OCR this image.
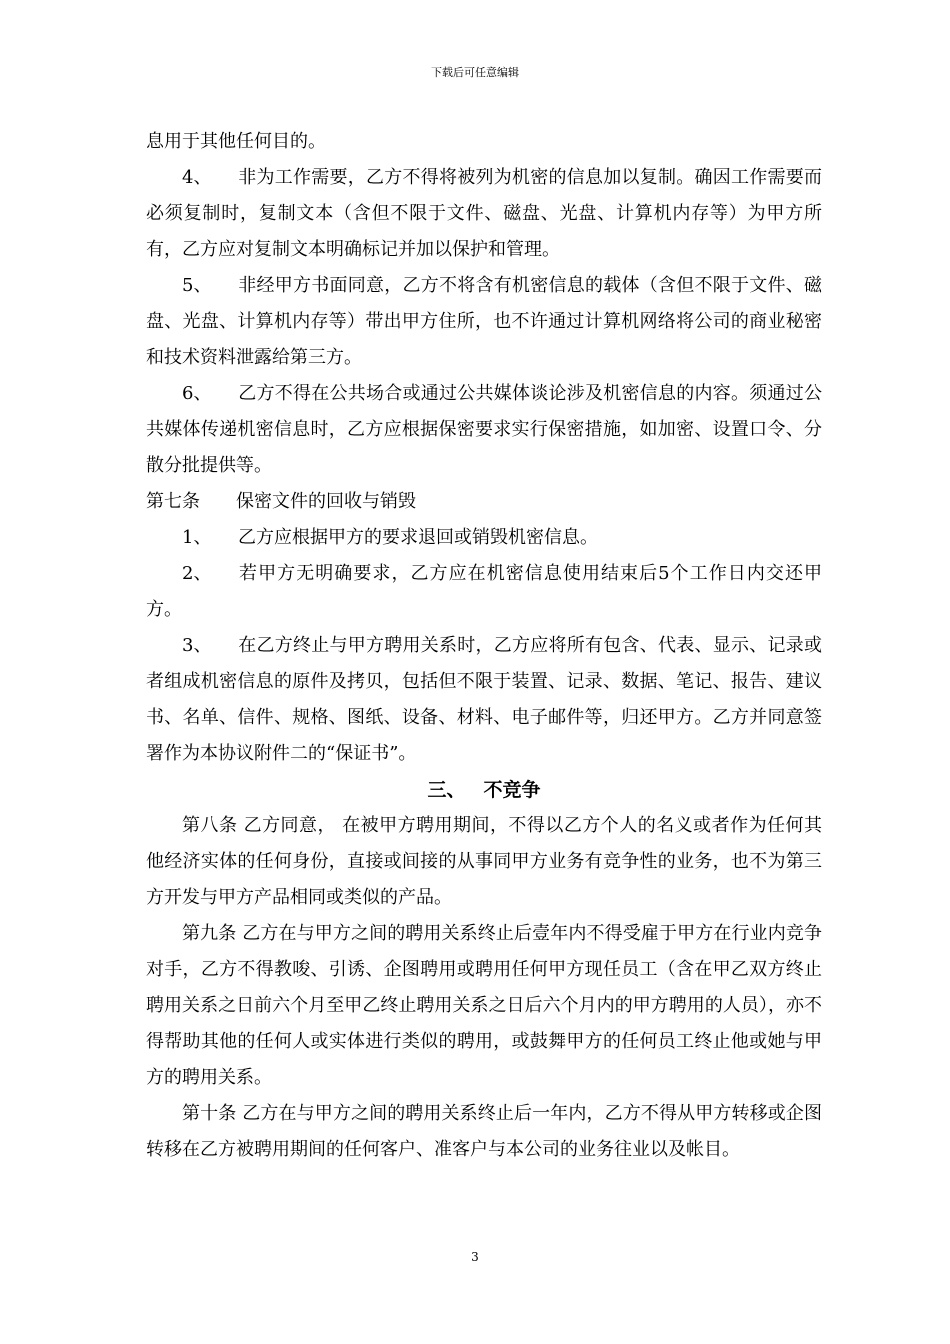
下载后可任意编辑

息用于其他任何目的。

4、 非为工作需要，乙方不得将被列为机密的信息加以复制。确因工作需要而必须复制时，复制文本（含但不限于文件、磁盘、光盘、计算机内存等）为甲方所有，乙方应对复制文本明确标记并加以保护和管理。

5、 非经甲方书面同意，乙方不将含有机密信息的载体（含但不限于文件、磁盘、光盘、计算机内存等）带出甲方住所，也不许通过计算机网络将公司的商业秘密和技术资料泄露给第三方。

6、 乙方不得在公共场合或通过公共媒体谈论涉及机密信息的内容。须通过公共媒体传递机密信息时，乙方应根据保密要求实行保密措施，如加密、设置口令、分散分批提供等。

第七条 保密文件的回收与销毁

1、 乙方应根据甲方的要求退回或销毁机密信息。

2、 若甲方无明确要求，乙方应在机密信息使用结束后5个工作日内交还甲方。

3、 在乙方终止与甲方聘用关系时，乙方应将所有包含、代表、显示、记录或者组成机密信息的原件及拷贝，包括但不限于装置、记录、数据、笔记、报告、建议书、名单、信件、规格、图纸、设备、材料、电子邮件等，归还甲方。乙方并同意签署作为本协议附件二的“保证书”。

三、 不竞争

第八条 乙方同意， 在被甲方聘用期间，不得以乙方个人的名义或者作为任何其他经济实体的任何身份，直接或间接的从事同甲方业务有竞争性的业务，也不为第三方开发与甲方产品相同或类似的产品。

第九条 乙方在与甲方之间的聘用关系终止后壹年内不得受雇于甲方在行业内竞争对手，乙方不得教唆、引诱、企图聘用或聘用任何甲方现任员工（含在甲乙双方终止聘用关系之日前六个月至甲乙终止聘用关系之日后六个月内的甲方聘用的人员），亦不得帮助其他的任何人或实体进行类似的聘用，或鼓舞甲方的任何员工终止他或她与甲方的聘用关系。

第十条 乙方在与甲方之间的聘用关系终止后一年内，乙方不得从甲方转移或企图转移在乙方被聘用期间的任何客户、准客户与本公司的业务往业以及帐目。

3
